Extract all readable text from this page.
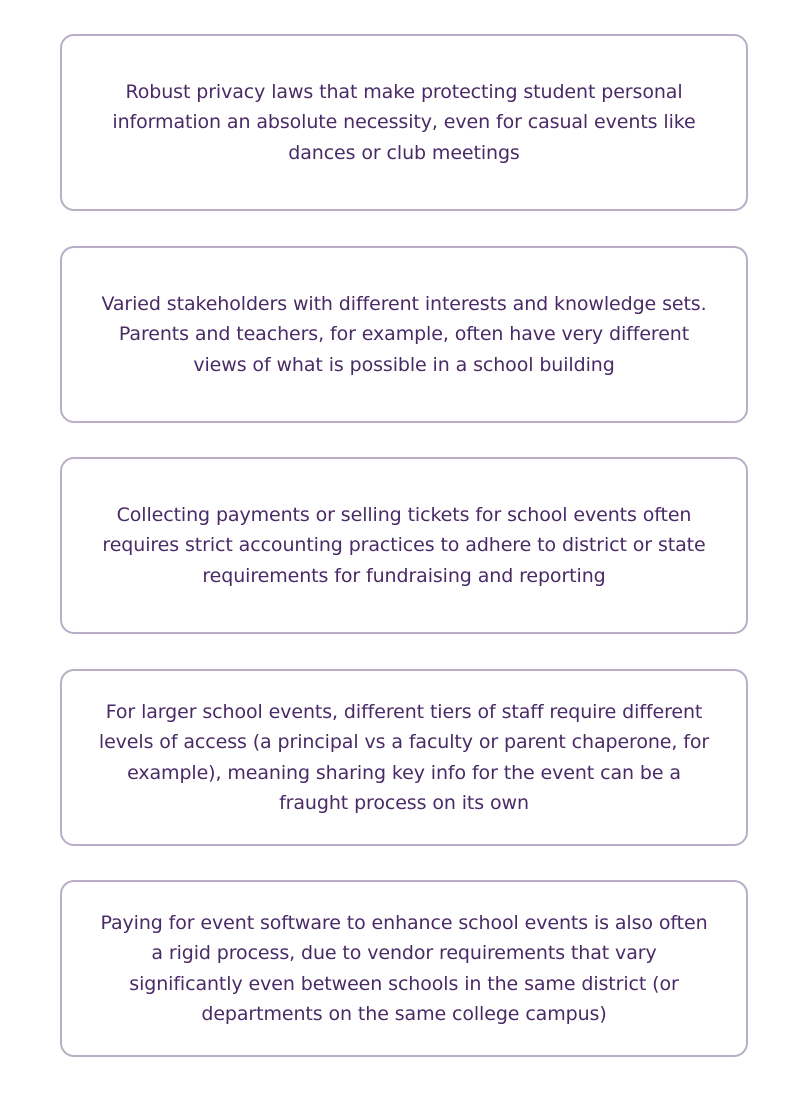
Robust privacy laws that make protecting student personal information an absolute necessity, even for casual events like dances or club meetings

Varied stakeholders with different interests and knowledge sets. Parents and teachers, for example, often have very different views of what is possible in a school building

Collecting payments or selling tickets for school events often requires strict accounting practices to adhere to district or state requirements for fundraising and reporting

For larger school events, different tiers of staff require different levels of access (a principal vs a faculty or parent chaperone, for example), meaning sharing key info for the event can be a fraught process on its own

Paying for event software to enhance school events is also often a rigid process, due to vendor requirements that vary significantly even between schools in the same district (or departments on the same college campus)
